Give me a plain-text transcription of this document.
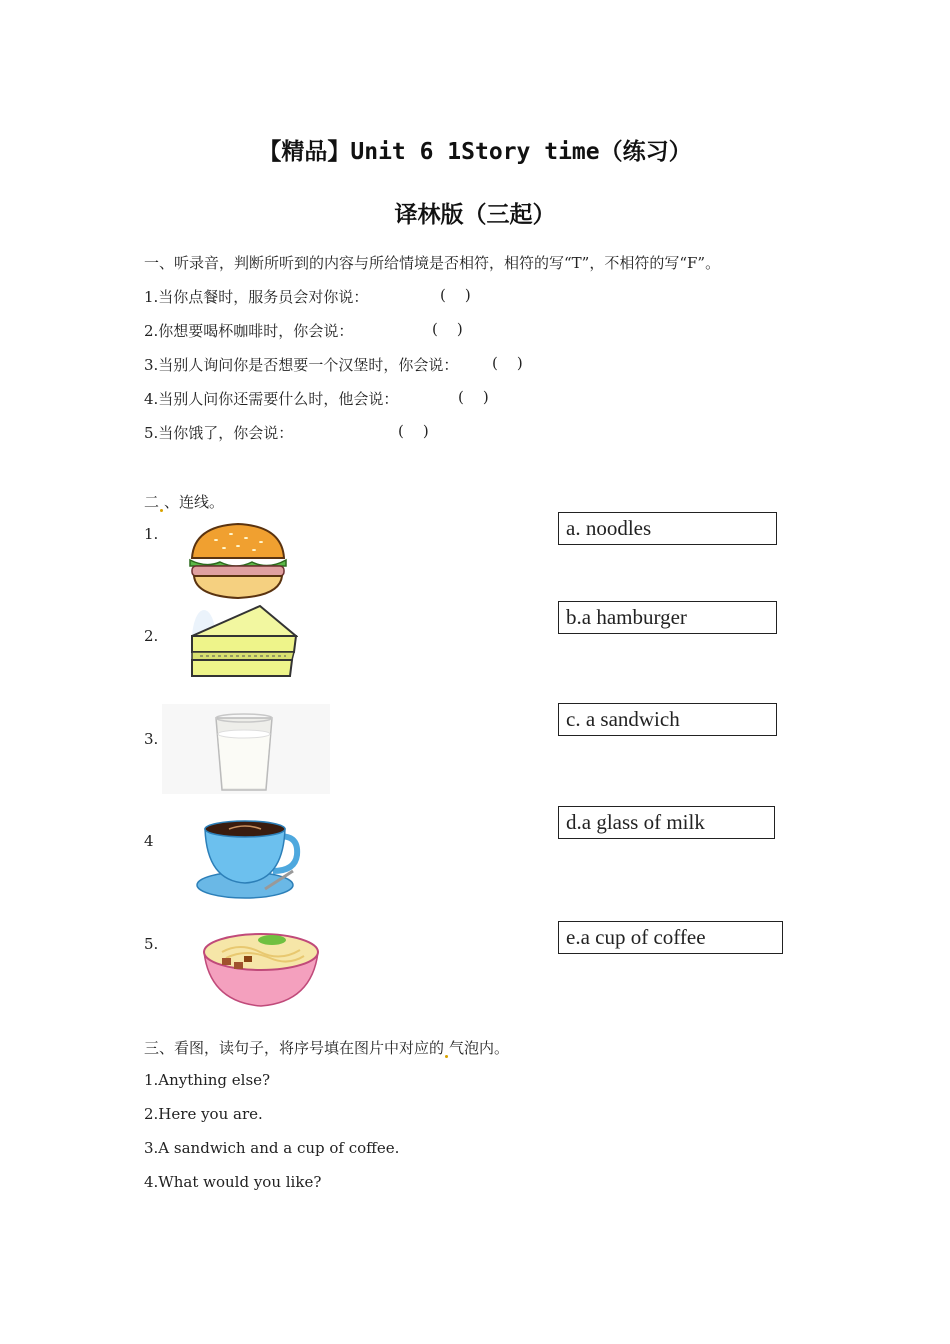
【精品】Unit 6 1Story time（练习）
译林版（三起）
一、听录音，判断所听到的内容与所给情境是否相符，相符的写“T”，不相符的写“F”。
1.当你点餐时，服务员会对你说：	(    )
2.你想要喝杯咖啡时，你会说：	(    )
3.当别人询问你是否想要一个汉堡时，你会说： (    )
4.当别人问你还需要什么时，他会说：	(    )
5.当你饿了，你会说：	(    )
二 、连线。
1.
2.
3.
4
5.
a. noodles
b.a hamburger
c. a sandwich
d.a glass of milk
e.a cup of coffee
三、看图，读句子，将序号填在图片中对应的 气泡内。
1.Anything else?
2.Here you are.
3.A sandwich and a cup of coffee.
4.What would you like?
